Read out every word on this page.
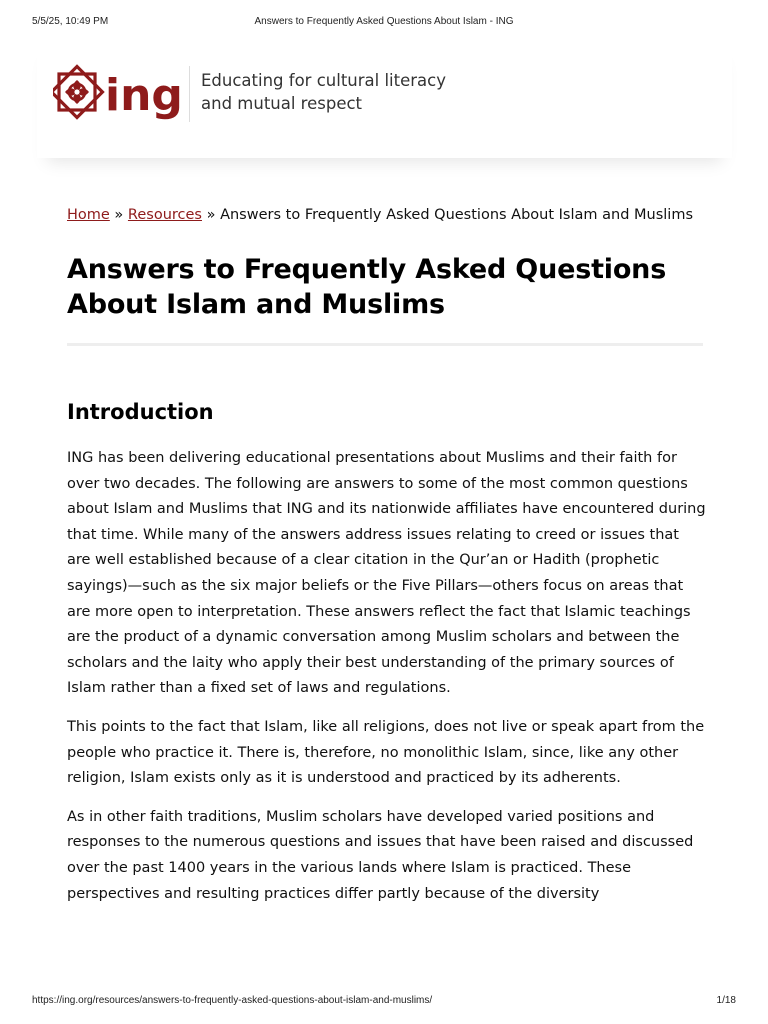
5/5/25, 10:49 PM	Answers to Frequently Asked Questions About Islam - ING
ing Educating for cultural literacy
and mutual respect
Home » Resources » Answers to Frequently Asked Questions About Islam and Muslims
Answers to Frequently Asked Questions About Islam and Muslims
Introduction

ING has been delivering educational presentations about Muslims and their faith for over two decades. The following are answers to some of the most common questions about Islam and Muslims that ING and its nationwide affiliates have encountered during that time. While many of the answers address issues relating to creed or issues that are well established because of a clear citation in the Qur’an or Hadith (prophetic sayings)—such as the six major beliefs or the Five Pillars—others focus on areas that are more open to interpretation. These answers reflect the fact that Islamic teachings are the product of a dynamic conversation among Muslim scholars and between the scholars and the laity who apply their best understanding of the primary sources of Islam rather than a fixed set of laws and regulations.

This points to the fact that Islam, like all religions, does not live or speak apart from the people who practice it. There is, therefore, no monolithic Islam, since, like any other religion, Islam exists only as it is understood and practiced by its adherents.

As in other faith traditions, Muslim scholars have developed varied positions and responses to the numerous questions and issues that have been raised and discussed over the past 1400 years in the various lands where Islam is practiced. These perspectives and resulting practices differ partly because of the diversity

https://ing.org/resources/answers-to-frequently-asked-questions-about-islam-and-muslims/	1/18
